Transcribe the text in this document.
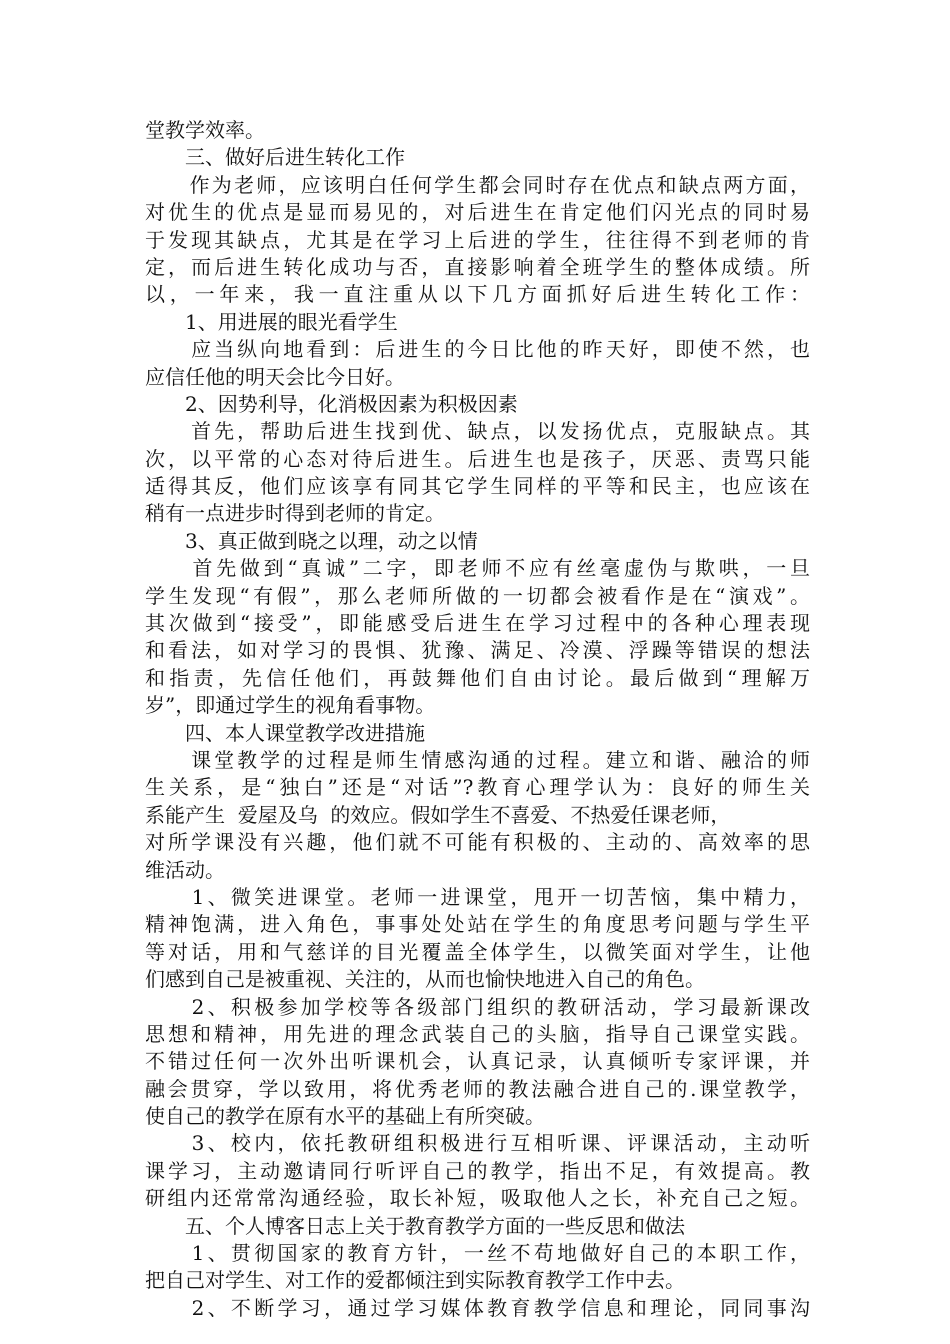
堂教学效率。
　　三、做好后进生转化工作
　　作为老师，应该明白任何学生都会同时存在优点和缺点两方面，
对优生的优点是显而易见的，对后进生在肯定他们闪光点的同时易
于发现其缺点，尤其是在学习上后进的学生，往往得不到老师的肯
定，而后进生转化成功与否，直接影响着全班学生的整体成绩。所
以，一年来，我一直注重从以下几方面抓好后进生转化工作：
　　1、用进展的眼光看学生
　　应当纵向地看到：后进生的今日比他的昨天好，即使不然，也
应信任他的明天会比今日好。
　　2、因势利导，化消极因素为积极因素
　　首先，帮助后进生找到优、缺点，以发扬优点，克服缺点。其
次，以平常的心态对待后进生。后进生也是孩子，厌恶、责骂只能
适得其反，他们应该享有同其它学生同样的平等和民主，也应该在
稍有一点进步时得到老师的肯定。
　　3、真正做到晓之以理，动之以情
　　首先做到“真诚”二字，即老师不应有丝毫虚伪与欺哄，一旦
学生发现“有假”，那么老师所做的一切都会被看作是在“演戏”。
其次做到“接受”，即能感受后进生在学习过程中的各种心理表现
和看法，如对学习的畏惧、犹豫、满足、冷漠、浮躁等错误的想法
和指责，先信任他们，再鼓舞他们自由讨论。最后做到“理解万
岁”，即通过学生的视角看事物。
　　四、本人课堂教学改进措施
　　课堂教学的过程是师生情感沟通的过程。建立和谐、融洽的师
生关系，是“独白”还是“对话”?教育心理学认为：良好的师生关
系能产生  爱屋及乌  的效应。假如学生不喜爱、不热爱任课老师，
对所学课没有兴趣，他们就不可能有积极的、主动的、高效率的思
维活动。
　　1、微笑进课堂。老师一进课堂，甩开一切苦恼，集中精力，
精神饱满，进入角色，事事处处站在学生的角度思考问题与学生平
等对话，用和气慈详的目光覆盖全体学生，以微笑面对学生，让他
们感到自己是被重视、关注的，从而也愉快地进入自己的角色。
　　2、积极参加学校等各级部门组织的教研活动，学习最新课改
思想和精神，用先进的理念武装自己的头脑，指导自己课堂实践。
不错过任何一次外出听课机会，认真记录，认真倾听专家评课，并
融会贯穿，学以致用，将优秀老师的教法融合进自己的.课堂教学，
使自己的教学在原有水平的基础上有所突破。
　　3、校内，依托教研组积极进行互相听课、评课活动，主动听
课学习，主动邀请同行听评自己的教学，指出不足，有效提高。教
研组内还常常沟通经验，取长补短，吸取他人之长，补充自己之短。
　　五、个人博客日志上关于教育教学方面的一些反思和做法
　　1、贯彻国家的教育方针，一丝不苟地做好自己的本职工作，
把自己对学生、对工作的爱都倾注到实际教育教学工作中去。
　　2、不断学习，通过学习媒体教育教学信息和理论，同同事沟
